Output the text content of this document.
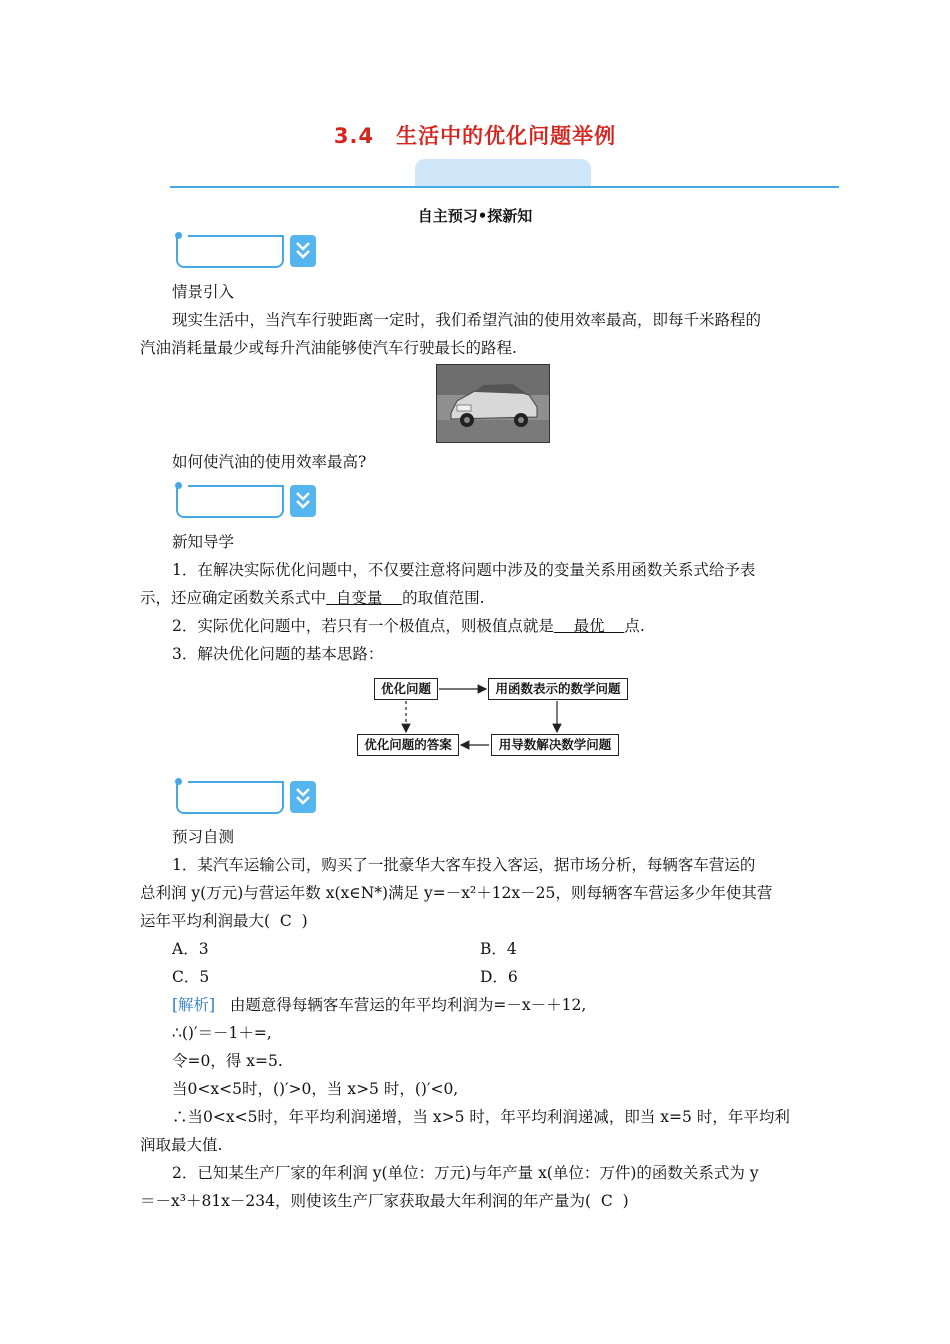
3.4 生活中的优化问题举例
自主预习•探新知
情景引入
现实生活中，当汽车行驶距离一定时，我们希望汽油的使用效率最高，即每千米路程的
汽油消耗量最少或每升汽油能够使汽车行驶最长的路程.
如何使汽油的使用效率最高?
新知导学
1．在解决实际优化问题中，不仅要注意将问题中涉及的变量关系用函数关系式给予表
示，还应确定函数关系式中 自变量 的取值范围.
2．实际优化问题中，若只有一个极值点，则极值点就是 最优 点.
3．解决优化问题的基本思路：
优化问题	用函数表示的数学问题
用导数解决数学问题
优化问题的答案
预习自测
1．某汽车运输公司，购买了一批豪华大客车投入客运，据市场分析，每辆客车营运的
总利润 y(万元)与营运年数 x(x∈N*)满足 y=－x²＋12x－25，则每辆客车营运多少年使其营
运年平均利润最大( C )
A．3	B．4
C．5	D．6
[解析] 由题意得每辆客车营运的年平均利润为=－x－＋12,
∴()′＝－1＋=,
令=0，得 x=5.
当0<x<5时，()′>0，当 x>5 时，()′<0,
∴当0<x<5时，年平均利润递增，当 x>5 时，年平均利润递减，即当 x=5 时，年平均利
润取最大值.
2．已知某生产厂家的年利润 y(单位：万元)与年产量 x(单位：万件)的函数关系式为 y
＝－x³＋81x－234，则使该生产厂家获取最大年利润的年产量为( C )
